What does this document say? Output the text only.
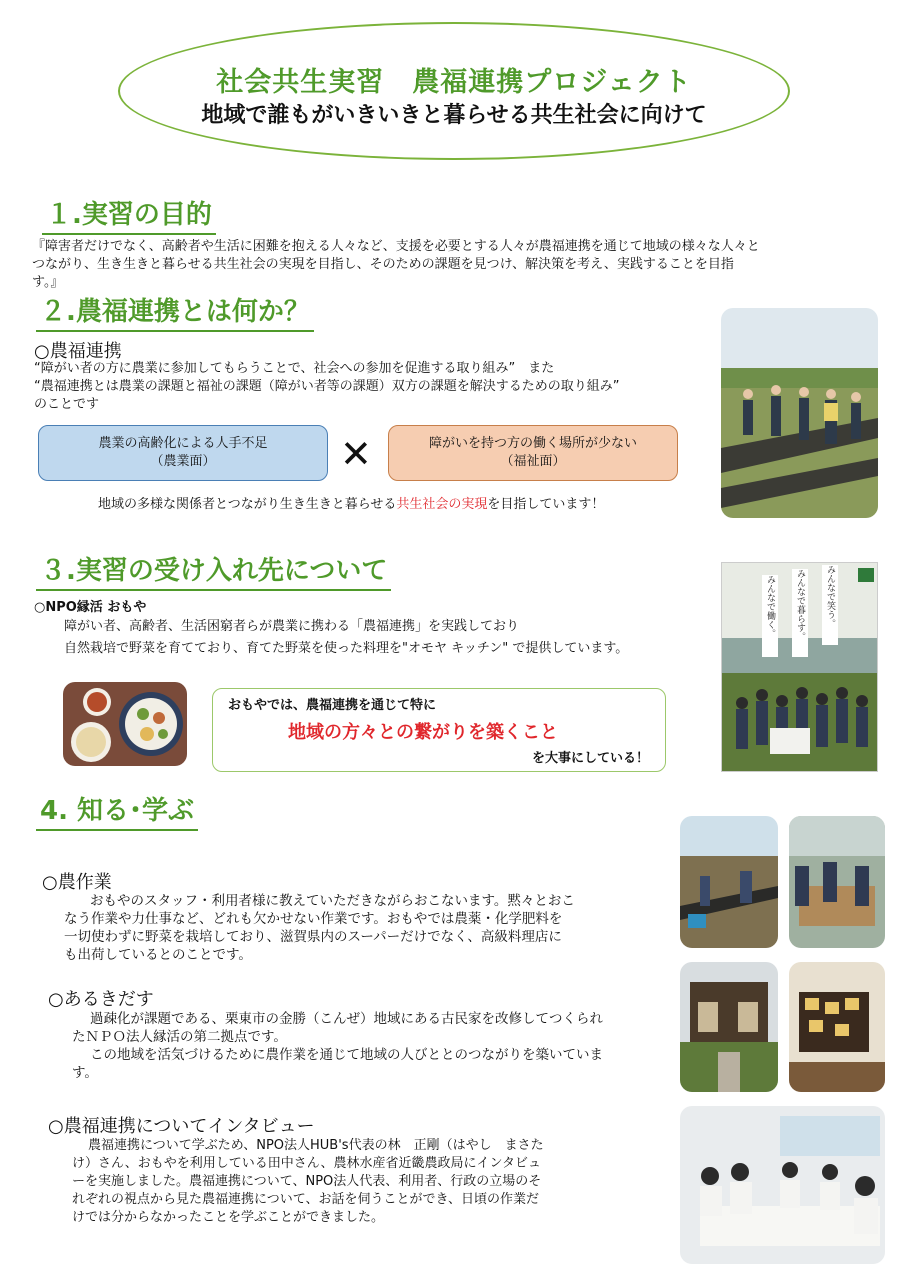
社会共生実習　農福連携プロジェクト
地域で誰もがいきいきと暮らせる共生社会に向けて
１.実習の目的
『障害者だけでなく、高齢者や生活に困難を抱える人々など、支援を必要とする人々が農福連携を通じて地域の様々な人々と
つながり、生き生きと暮らせる共生社会の実現を目指し、そのための課題を見つけ、解決策を考え、実践することを目指
す。』
２.農福連携とは何か？
○農福連携
“障がい者の方に農業に参加してもらうことで、社会への参加を促進する取り組み”　また
“農福連携とは農業の課題と福祉の課題（障がい者等の課題）双方の課題を解決するための取り組み”
のことです
農業の高齢化による人手不足
（農業面）	✕	障がいを持つ方の働く場所が少ない
（福祉面）
地域の多様な関係者とつながり生き生きと暮らせる共生社会の実現を目指しています！
３.実習の受け入れ先について
○NPO縁活 おもや
障がい者、高齢者、生活困窮者らが農業に携わる「農福連携」を実践しており
自然栽培で野菜を育てており、育てた野菜を使った料理を"オモヤ キッチン" で提供しています。
おもやでは、農福連携を通じて特に
地域の方々との繋がりを築くこと
を大事にしている！
みんなで働く。	みんなで暮らす。	みんなで笑う。
4. 知る･学ぶ
○農作業
おもやのスタッフ・利用者様に教えていただきながらおこないます。黙々とおこ
なう作業や力仕事など、どれも欠かせない作業です。おもやでは農薬・化学肥料を
一切使わずに野菜を栽培しており、滋賀県内のスーパーだけでなく、高級料理店に
も出荷しているとのことです。
○あるきだす
過疎化が課題である、栗東市の金勝（こんぜ）地域にある古民家を改修してつくられ
たＮＰＯ法人縁活の第二拠点です。
この地域を活気づけるために農作業を通じて地域の人びととのつながりを築いていま
す。
○農福連携についてインタビュー
農福連携について学ぶため、NPO法人HUB's代表の林　正剛（はやし　まさた
け）さん、おもやを利用している田中さん、農林水産省近畿農政局にインタビュ
ーを実施しました。農福連携について、NPO法人代表、利用者、行政の立場のそ
れぞれの視点から見た農福連携について、お話を伺うことができ、日頃の作業だ
けでは分からなかったことを学ぶことができました。
